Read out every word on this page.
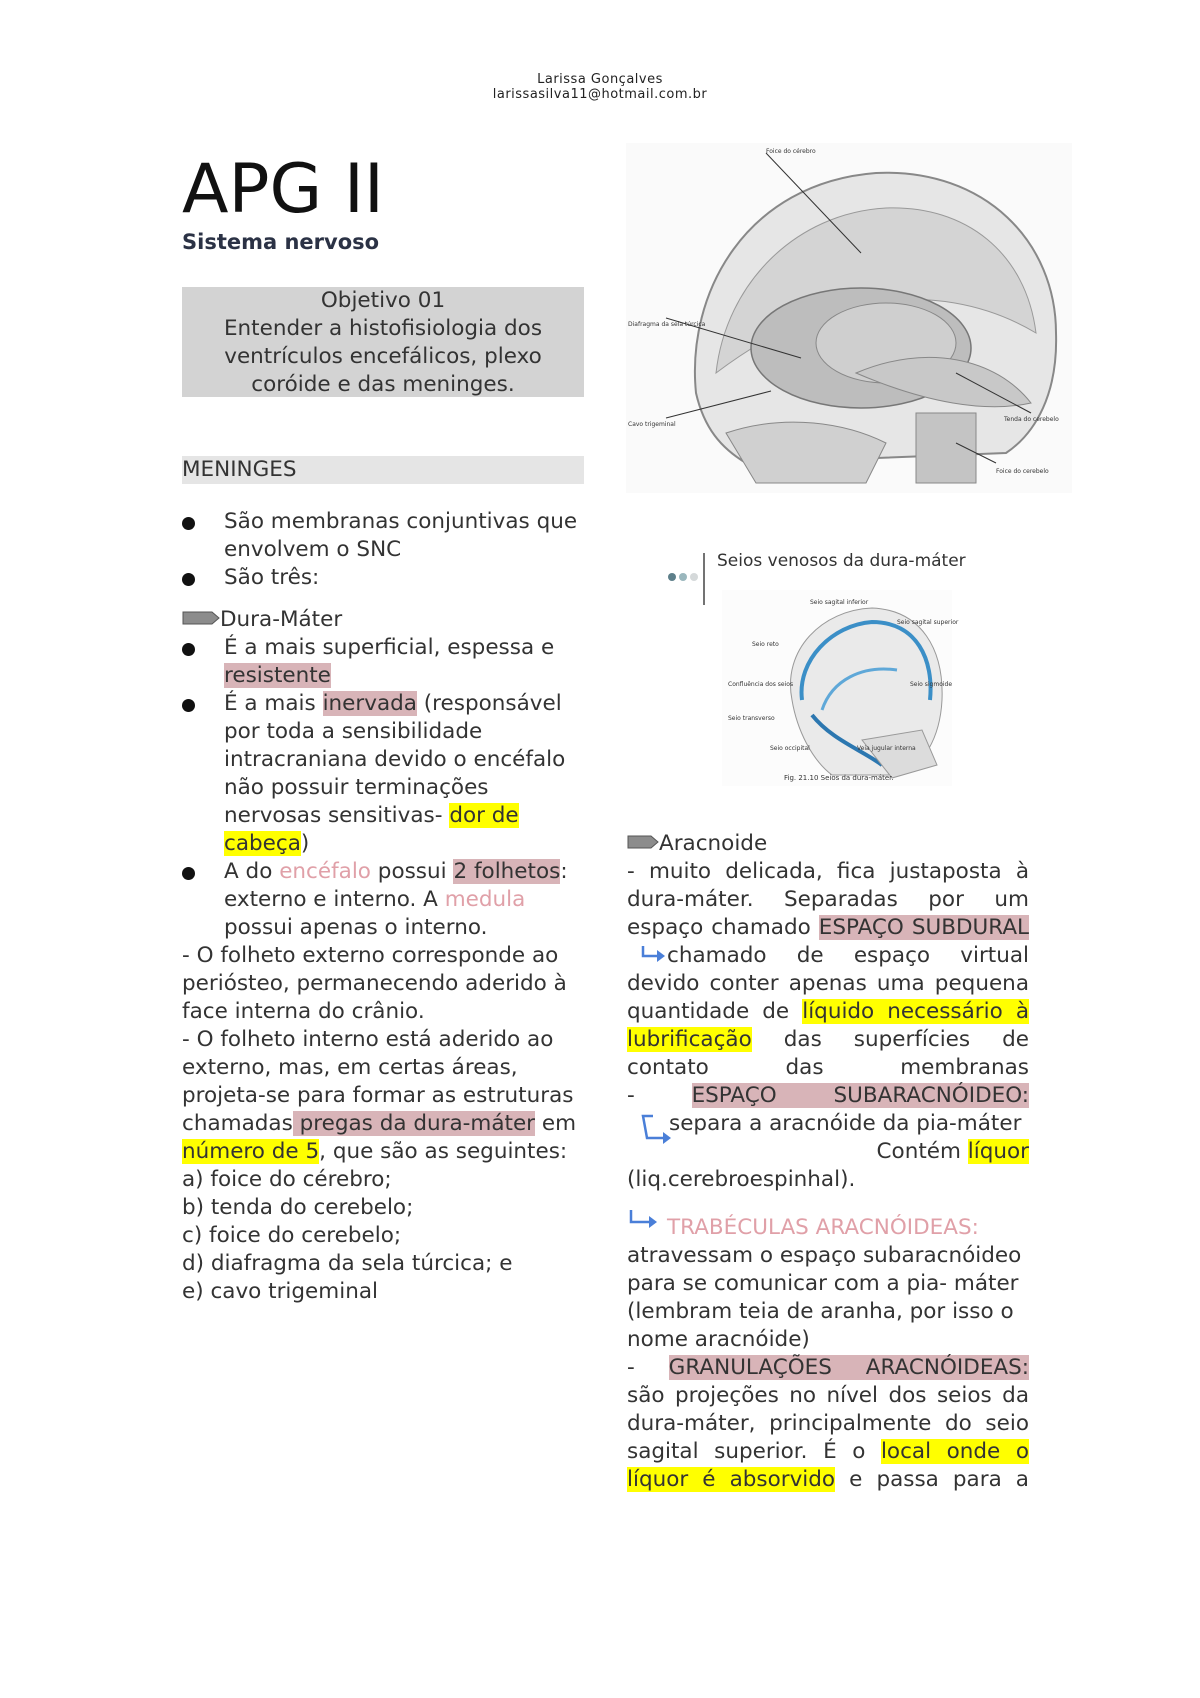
Larissa Gonçalves
larissasilva11@hotmail.com.br
APG II
Sistema nervoso
Objetivo 01
Entender a histofisiologia dos
ventrículos encefálicos, plexo
coróide e das meninges.
MENINGES
São membranas conjuntivas que envolvem o SNC
São três:
Dura-Máter
É a mais superficial, espessa e resistente
É a mais inervada (responsável por toda a sensibilidade intracraniana devido o encéfalo não possuir terminações nervosas sensitivas- dor de cabeça)
A do encéfalo possui 2 folhetos: externo e interno. A medula possui apenas o interno.
- O folheto externo corresponde ao periósteo, permanecendo aderido à face interna do crânio.
- O folheto interno está aderido ao externo, mas, em certas áreas, projeta-se para formar as estruturas chamadas pregas da dura-máter em número de 5, que são as seguintes:
a) foice do cérebro;
b) tenda do cerebelo;
c) foice do cerebelo;
d) diafragma da sela túrcica; e
e) cavo trigeminal
Foice do cérebro
Diafragma da sela túrcica
Cavo trigeminal
Tenda do cerebelo
Foice do cerebelo
Seios venosos da dura-máter
Seio sagital inferior
Seio sagital superior
Seio reto
Confluência dos seios
Seio transverso
Seio sigmoide
Seio occipital	Veia jugular interna
Fig. 21.10 Seios da dura-máter.
Aracnoide
- muito delicada, fica justaposta à dura-máter. Separadas por um espaço chamado ESPAÇO SUBDURAL
chamado de espaço virtual devido conter apenas uma pequena quantidade de líquido necessário à lubrificação das superfícies de contato das membranas
- ESPAÇO SUBARACNÓIDEO:
separa a aracnóide da pia-máter
Contém líquor
(liq.cerebroespinhal).
TRABÉCULAS ARACNÓIDEAS:
atravessam o espaço subaracnóideo para se comunicar com a pia- máter (lembram teia de aranha, por isso o nome aracnóide)
- GRANULAÇÕES ARACNÓIDEAS:
são projeções no nível dos seios da dura-máter, principalmente do seio sagital superior. É o local onde o líquor é absorvido e passa para a
